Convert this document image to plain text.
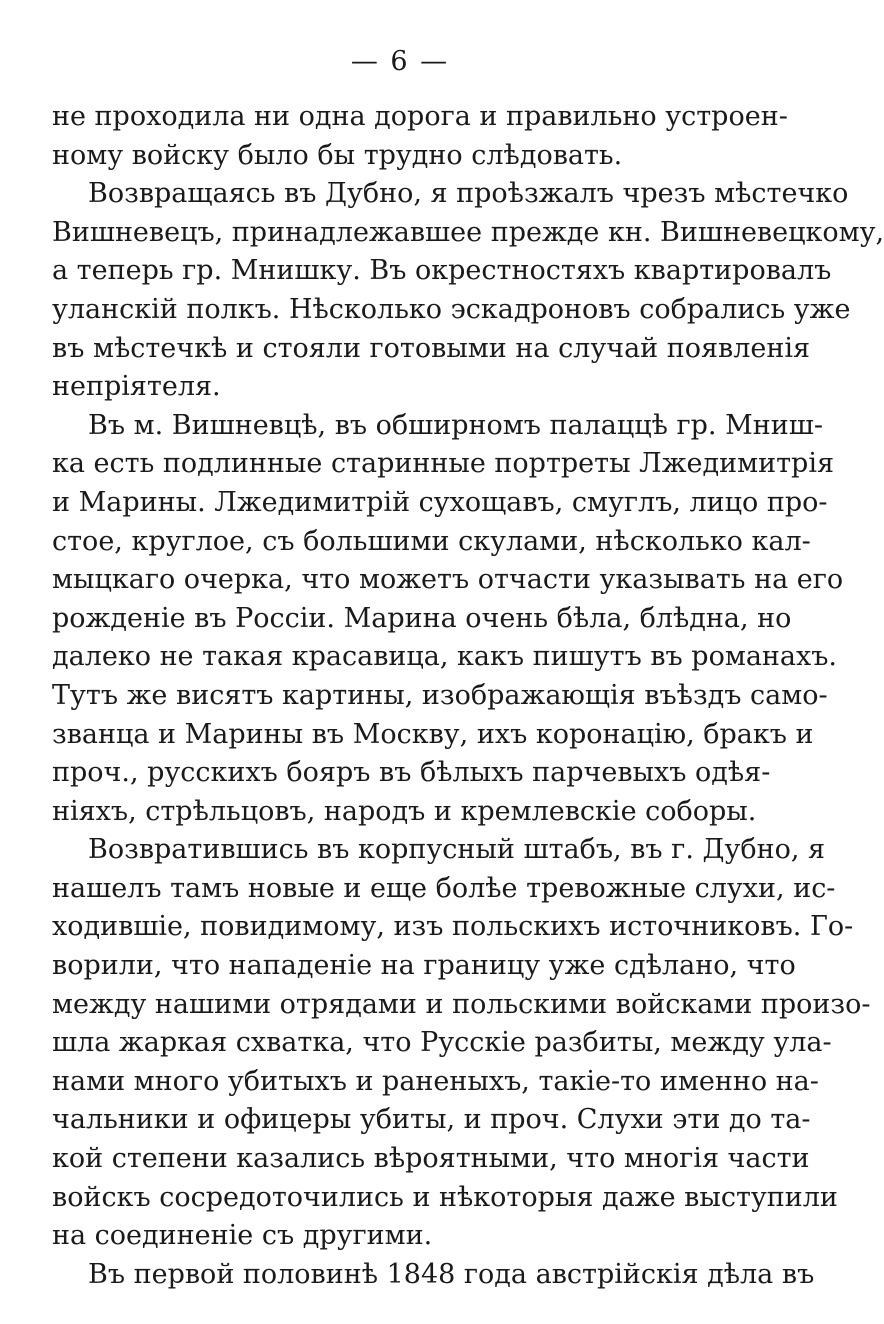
— 6 —
не проходила ни одна дорога и правильно устроен-
ному войску было бы трудно слѣдовать.
Возвращаясь въ Дубно, я проѣзжалъ чрезъ мѣстечко
Вишневецъ, принадлежавшее прежде кн. Вишневецкому,
а теперь гр. Мнишку. Въ окрестностяхъ квартировалъ
уланскій полкъ. Нѣсколько эскадроновъ собрались уже
въ мѣстечкѣ и стояли готовыми на случай появленія
непріятеля.
Въ м. Вишневцѣ, въ обширномъ палаццѣ гр. Мниш-
ка есть подлинные старинные портреты Лжедимитрія
и Марины. Лжедимитрій сухощавъ, смуглъ, лицо про-
стое, круглое, съ большими скулами, нѣсколько кал-
мыцкаго очерка, что можетъ отчасти указывать на его
рожденіе въ Россіи. Марина очень бѣла, блѣдна, но
далеко не такая красавица, какъ пишутъ въ романахъ.
Тутъ же висятъ картины, изображающія въѣздъ само-
званца и Марины въ Москву, ихъ коронацію, бракъ и
проч., русскихъ бояръ въ бѣлыхъ парчевыхъ одѣя-
ніяхъ, стрѣльцовъ, народъ и кремлевскіе соборы.
Возвратившись въ корпусный штабъ, въ г. Дубно, я
нашелъ тамъ новые и еще болѣе тревожные слухи, ис-
ходившіе, повидимому, изъ польскихъ источниковъ. Го-
ворили, что нападеніе на границу уже сдѣлано, что
между нашими отрядами и польскими войсками произо-
шла жаркая схватка, что Русскіе разбиты, между ула-
нами много убитыхъ и раненыхъ, такіе-то именно на-
чальники и офицеры убиты, и проч. Слухи эти до та-
кой степени казались вѣроятными, что многія части
войскъ сосредоточились и нѣкоторыя даже выступили
на соединеніе съ другими.
Въ первой половинѣ 1848 года австрійскія дѣла въ
